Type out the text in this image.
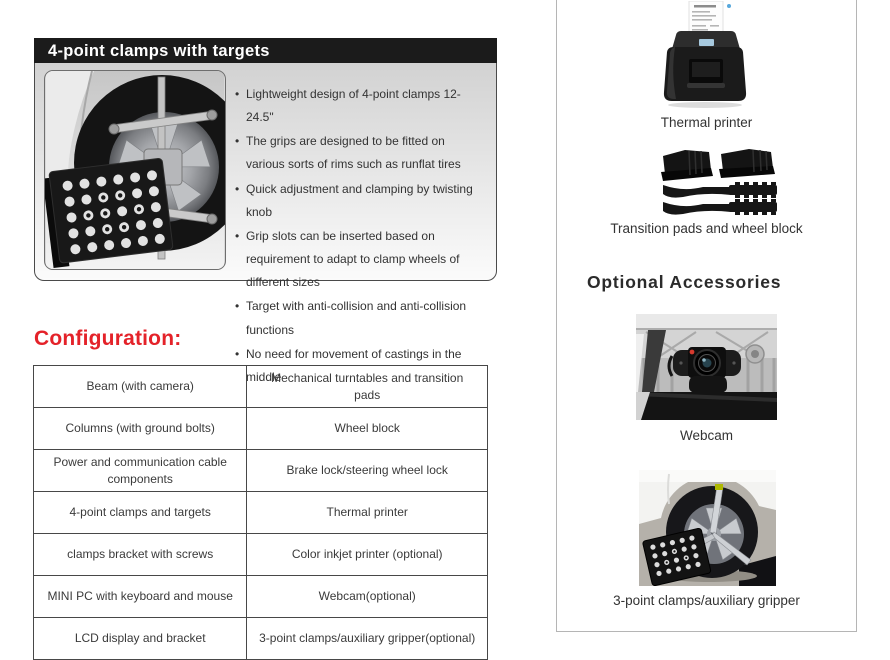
4-point clamps with targets
• Lightweight design of 4-point clamps 12-24.5"
• The grips are designed to be fitted on various sorts of rims such as runflat tires
• Quick adjustment and clamping by twisting knob
• Grip slots can be inserted based on requirement to adapt to clamp wheels of different sizes
• Target with anti-collision and anti-collision functions
• No need for movement of castings in the middle
Configuration:
Beam (with camera)	Mechanical turntables and transition pads
Columns (with ground bolts)	Wheel block
Power and communication cable components	Brake lock/steering wheel lock
4-point clamps and targets	Thermal printer
clamps bracket with screws	Color inkjet printer (optional)
MINI PC with keyboard and mouse	Webcam(optional)
LCD display and bracket	3-point clamps/auxiliary gripper(optional)
Thermal printer
Transition pads and wheel block
Optional Accessories
Webcam
3-point clamps/auxiliary gripper
